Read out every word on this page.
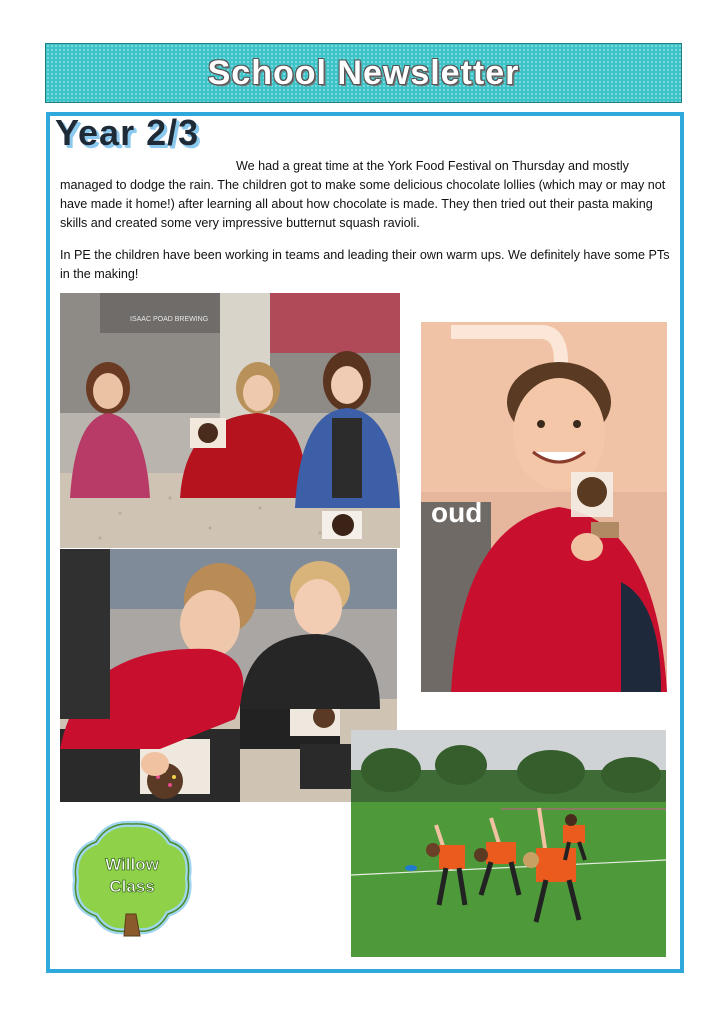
School Newsletter
Year 2/3

We had a great time at the York Food Festival on Thursday and mostly managed to dodge the rain. The children got to make some delicious chocolate lollies (which may or may not have made it home!) after learning all about how chocolate is made. They then tried out their pasta making skills and created some very impressive butternut squash ravioli.

In PE the children have been working in teams and leading their own warm ups. We definitely have some PTs in the making!

ISAAC POAD BREWING
oud
Willow
Class
